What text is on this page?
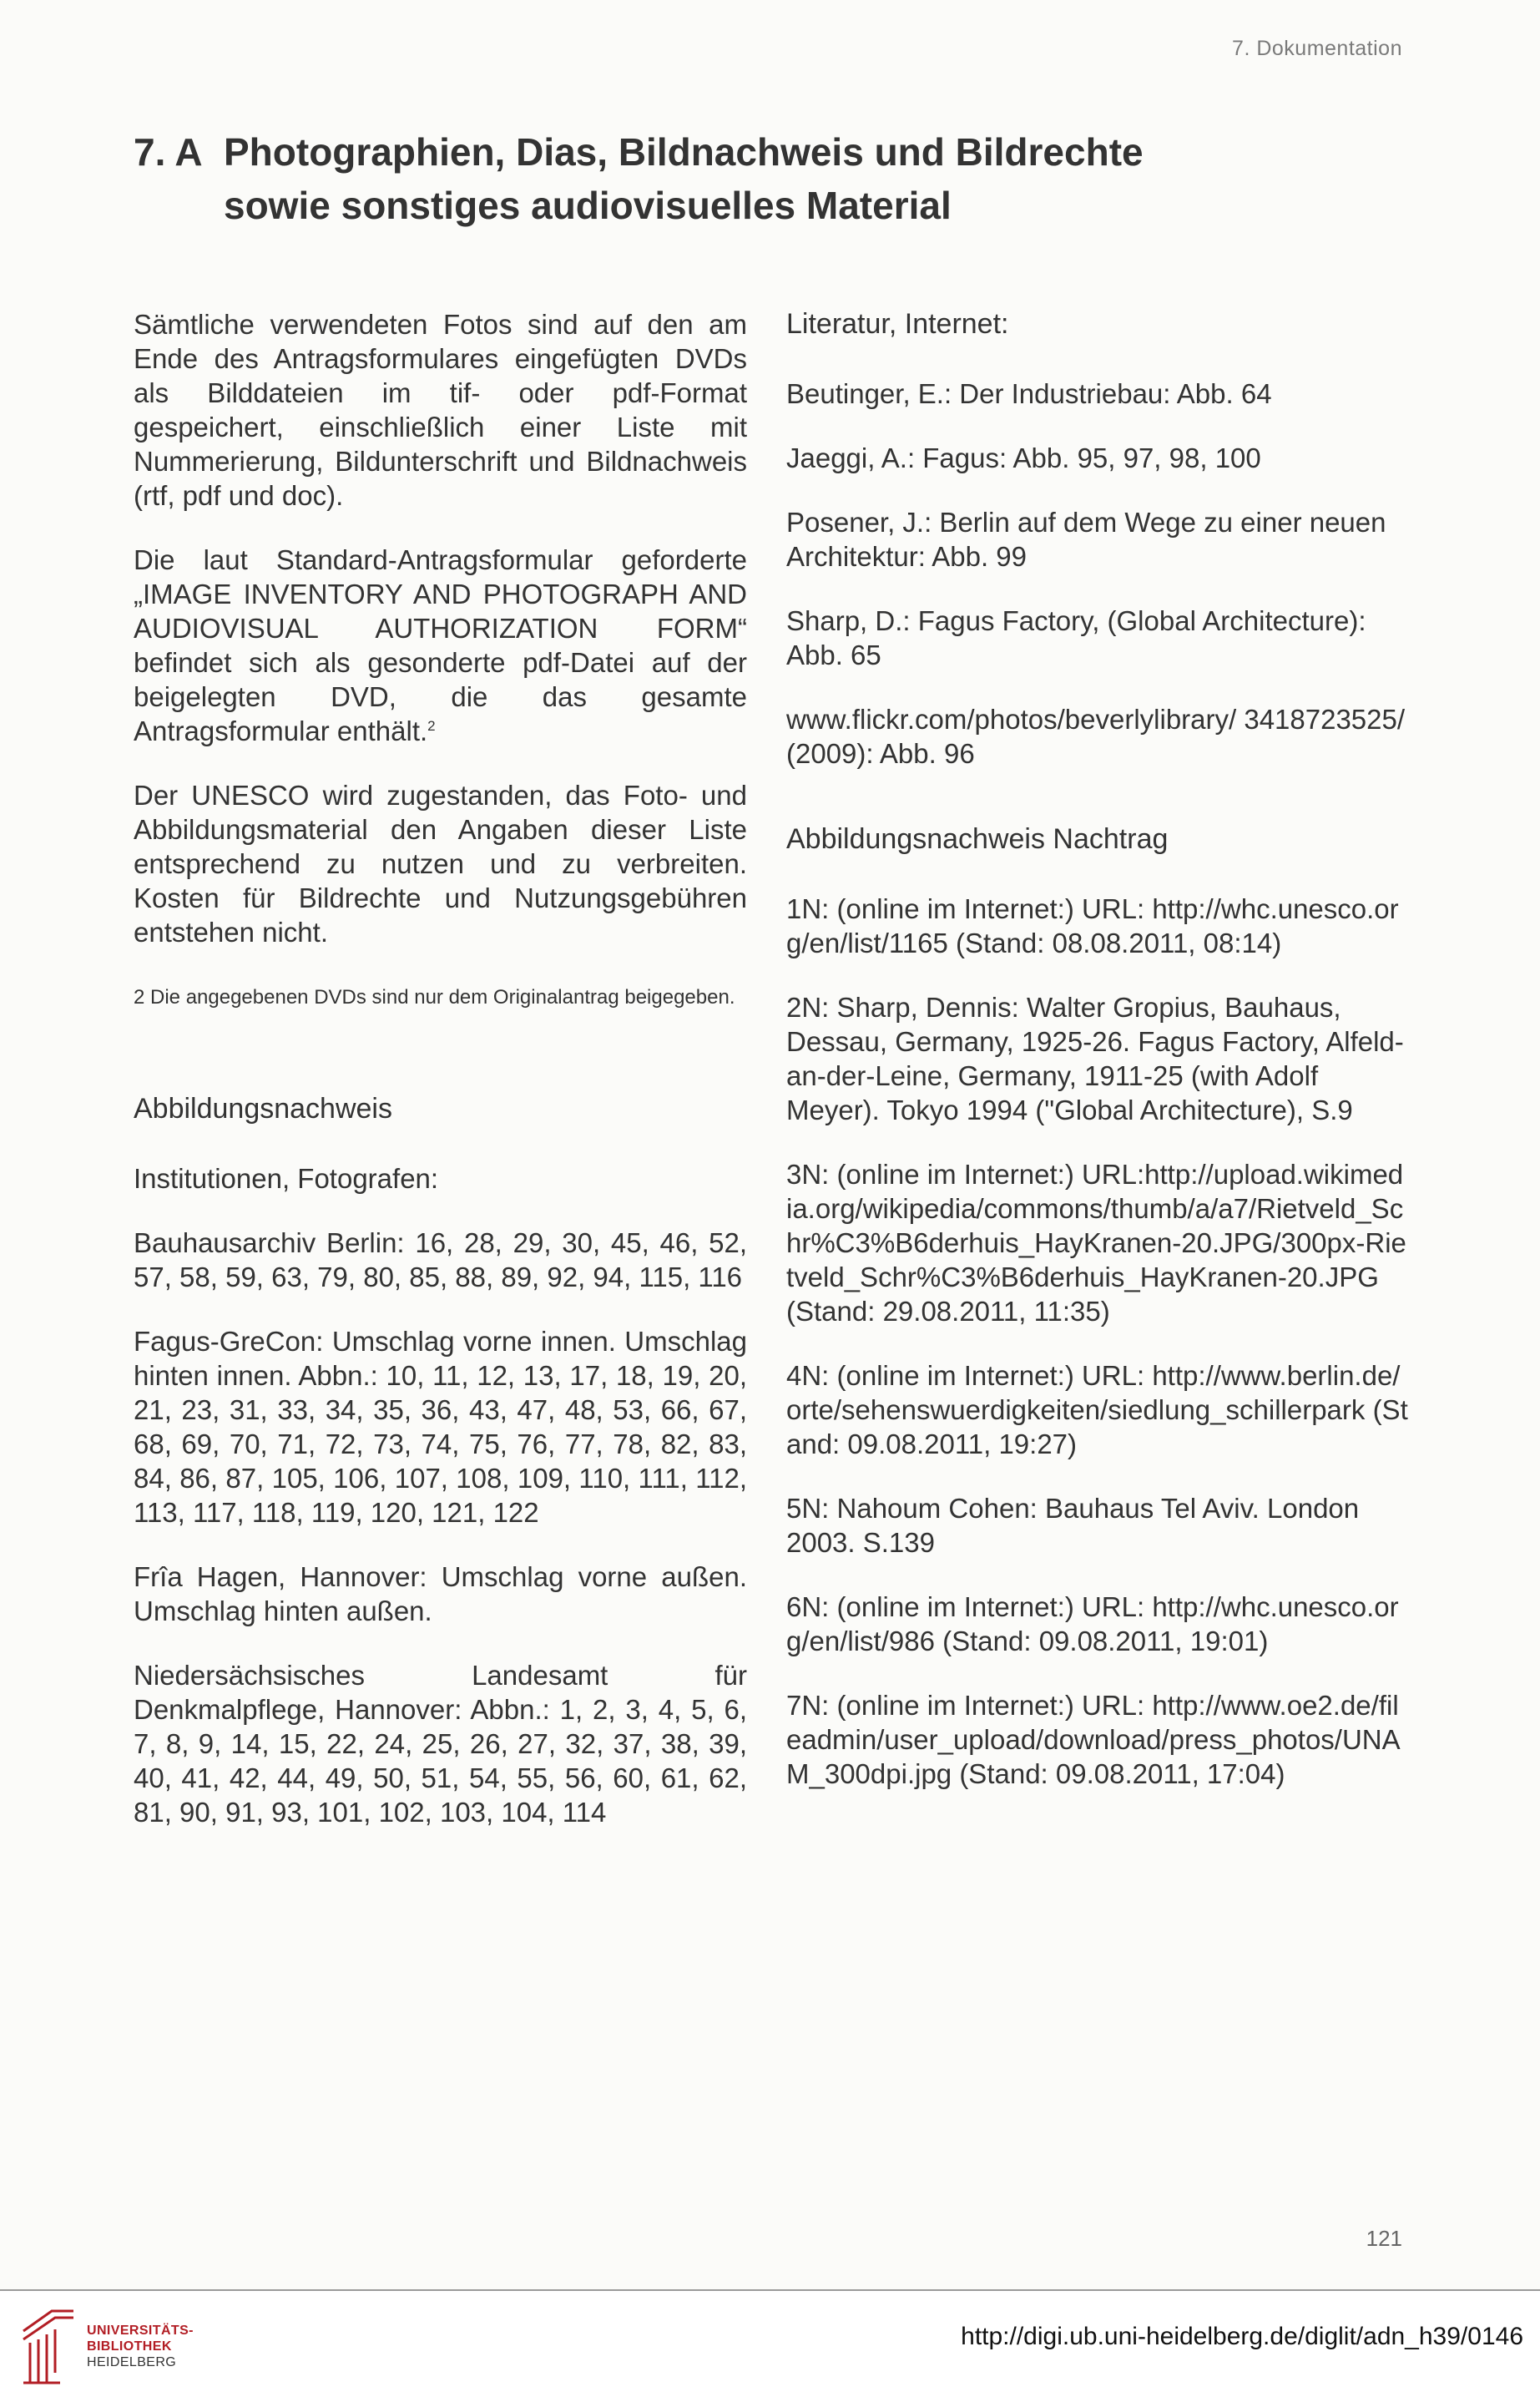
7. Dokumentation
7. A Photographien, Dias, Bildnachweis und Bildrechte
sowie sonstiges audiovisuelles Material

Sämtliche verwendeten Fotos sind auf den am Ende des Antragsformulares eingefügten DVDs als Bilddateien im tif- oder pdf-Format gespeichert, einschließlich einer Liste mit Nummerierung, Bildunterschrift und Bildnachweis (rtf, pdf und doc).

Die laut Standard-Antragsformular geforderte „IMAGE INVENTORY AND PHOTOGRAPH AND AUDIOVISUAL AUTHORIZATION FORM“ befindet sich als gesonderte pdf-Datei auf der beigelegten DVD, die das gesamte Antragsformular enthält.$^2$

Der UNESCO wird zugestanden, das Foto- und Abbildungsmaterial den Angaben dieser Liste entsprechend zu nutzen und zu verbreiten. Kosten für Bildrechte und Nutzungsgebühren entstehen nicht.

2 Die angegebenen DVDs sind nur dem Originalantrag beigegeben.

Abbildungsnachweis

Institutionen, Fotografen:

Bauhausarchiv Berlin: 16, 28, 29, 30, 45, 46, 52, 57, 58, 59, 63, 79, 80, 85, 88, 89, 92, 94, 115, 116

Fagus-GreCon: Umschlag vorne innen. Umschlag hinten innen. Abbn.: 10, 11, 12, 13, 17, 18, 19, 20, 21, 23, 31, 33, 34, 35, 36, 43, 47, 48, 53, 66, 67, 68, 69, 70, 71, 72, 73, 74, 75, 76, 77, 78, 82, 83, 84, 86, 87, 105, 106, 107, 108, 109, 110, 111, 112, 113, 117, 118, 119, 120, 121, 122

Frîa Hagen, Hannover: Umschlag vorne außen. Umschlag hinten außen.

Niedersächsisches Landesamt für Denkmalpflege, Hannover: Abbn.: 1, 2, 3, 4, 5, 6, 7, 8, 9, 14, 15, 22, 24, 25, 26, 27, 32, 37, 38, 39, 40, 41, 42, 44, 49, 50, 51, 54, 55, 56, 60, 61, 62, 81, 90, 91, 93, 101, 102, 103, 104, 114

Literatur, Internet:

Beutinger, E.: Der Industriebau: Abb. 64

Jaeggi, A.: Fagus: Abb. 95, 97, 98, 100

Posener, J.: Berlin auf dem Wege zu einer neuen Architektur: Abb. 99

Sharp, D.: Fagus Factory, (Global Architecture): Abb. 65

www.flickr.com/photos/beverlylibrary/ 3418723525/ (2009): Abb. 96

Abbildungsnachweis Nachtrag

1N: (online im Internet:) URL: http://whc.unesco.org/en/list/1165 (Stand: 08.08.2011, 08:14)

2N: Sharp, Dennis: Walter Gropius, Bauhaus, Dessau, Germany, 1925-26. Fagus Factory, Alfeld-an-der-Leine, Germany, 1911-25 (with Adolf Meyer). Tokyo 1994 ("Global Architecture), S.9

3N: (online im Internet:) URL:http://upload.wikimedia.org/wikipedia/commons/thumb/a/a7/Rietveld_Schr%C3%B6derhuis_HayKranen-20.JPG/300px-Rietveld_Schr%C3%B6derhuis_HayKranen-20.JPG (Stand: 29.08.2011, 11:35)

4N: (online im Internet:) URL: http://www.berlin.de/orte/sehenswuerdigkeiten/siedlung_schillerpark (Stand: 09.08.2011, 19:27)

5N: Nahoum Cohen: Bauhaus Tel Aviv. London 2003. S.139

6N: (online im Internet:) URL: http://whc.unesco.org/en/list/986 (Stand: 09.08.2011, 19:01)

7N: (online im Internet:) URL: http://www.oe2.de/fileadmin/user_upload/download/press_photos/UNAM_300dpi.jpg (Stand: 09.08.2011, 17:04)

121
UNIVERSITÄTS-
BIBLIOTHEK
HEIDELBERG
http://digi.ub.uni-heidelberg.de/diglit/adn_h39/0146
